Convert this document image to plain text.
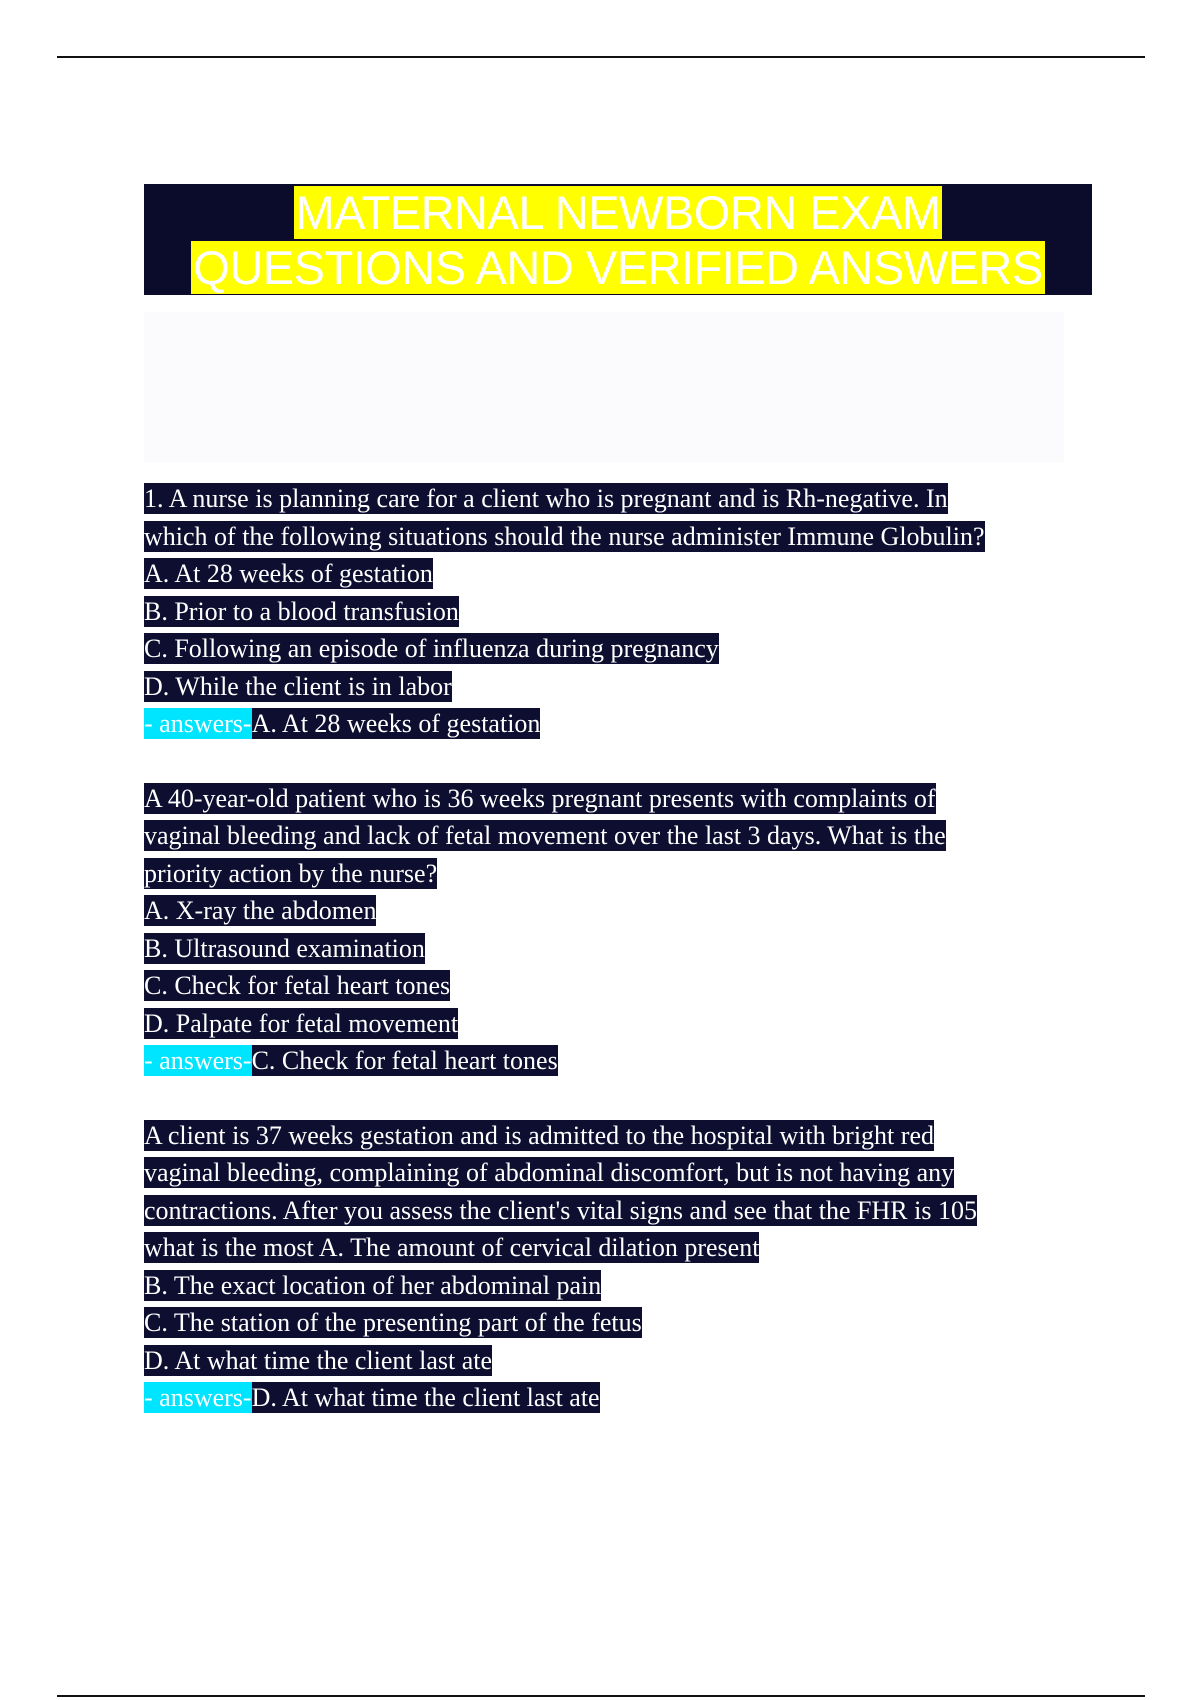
MATERNAL NEWBORN EXAM
QUESTIONS AND VERIFIED ANSWERS
1. A nurse is planning care for a client who is pregnant and is Rh-negative. In
which of the following situations should the nurse administer Immune Globulin?
A. At 28 weeks of gestation
B. Prior to a blood transfusion
C. Following an episode of influenza during pregnancy
D. While the client is in labor
- answers-A. At 28 weeks of gestation
A 40-year-old patient who is 36 weeks pregnant presents with complaints of
vaginal bleeding and lack of fetal movement over the last 3 days. What is the
priority action by the nurse?
A. X-ray the abdomen
B. Ultrasound examination
C. Check for fetal heart tones
D. Palpate for fetal movement
- answers-C. Check for fetal heart tones
A client is 37 weeks gestation and is admitted to the hospital with bright red
vaginal bleeding, complaining of abdominal discomfort, but is not having any
contractions. After you assess the client's vital signs and see that the FHR is 105
what is the most A. The amount of cervical dilation present
B. The exact location of her abdominal pain
C. The station of the presenting part of the fetus
D. At what time the client last ate
- answers-D. At what time the client last ate
